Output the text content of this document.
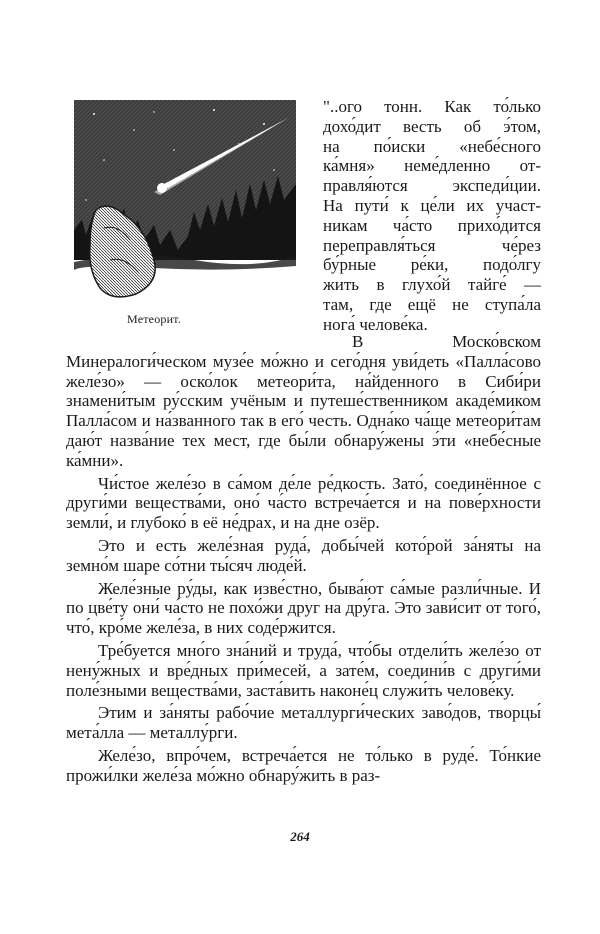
Метеорит.

"..ого тонн. Как то́лько

дохо́дит весть об э́том,

на по́иски «небе́сного

ка́мня» неме́дленно от-

правля́ются экспеди́ции.

На пути́ к це́ли их участ-

никам ча́сто прихо́дится

переправля́ться че́рез

бу́рные ре́ки, подо́лгу

жить в глухо́й тайге́ —

там, где ещё не ступа́ла

нога́ челове́ка.

В Моско́вском Минералоги́ческом музе́е мо́жно и сего́дня уви́деть «Палла́сово желе́зо» — оско́лок метеори́та, на́йденного в Сиби́ри знамени́тым ру́сским учёным и путеше́ственником акаде́миком Палла́сом и на́званного так в его́ честь. Одна́ко ча́ще метеори́там даю́т назва́ние тех мест, где бы́ли обнару́жены э́ти «небе́сные ка́мни».

Чи́стое желе́зо в са́мом де́ле ре́дкость. Зато́, соединённое с други́ми вещества́ми, оно́ ча́сто встреча́ется и на пове́рхности земли́, и глубоко́ в её не́драх, и на дне озёр.

Это и есть желе́зная руда́, добы́чей кото́рой за́няты на земно́м шаре со́тни ты́сяч люде́й.

Желе́зные ру́ды, как изве́стно, быва́ют са́мые разли́чные. И по цве́ту они́ ча́сто не похо́жи друг на дру́га. Это зави́сит от того́, что́, кро́ме желе́за, в них соде́ржится.

Тре́буется мно́го зна́ний и труда́, что́бы отдели́ть желе́зо от нену́жных и вре́дных при́месей, а зате́м, соедини́в с други́ми поле́зными вещества́ми, заста́вить наконе́ц служи́ть челове́ку.

Этим и за́няты рабо́чие металлурги́ческих заво́дов, творцы́ мета́лла — металлу́рги.

Желе́зо, впро́чем, встреча́ется не то́лько в руде́. То́нкие прожи́лки желе́за мо́жно обнару́жить в раз-

264
